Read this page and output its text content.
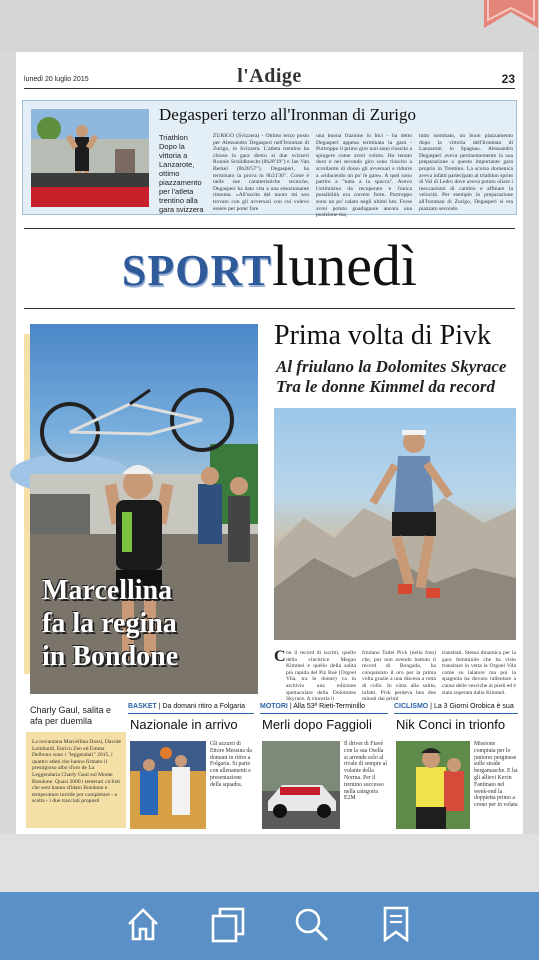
lunedì 20 luglio 2015	l'Adige	23
Degasperi terzo all'Ironman di Zurigo
Triathlon Dopo la vittoria a Lanzarote, ottimo piazzamento per l'atleta trentino alla gara svizzera
ZURIGO (Svizzera) - Ottimo terzo posto per Alessandro Degasperi nell'Ironman di Zurigo, in Svizzera. L'atleta trentino ha chiuso la gara dietro ai due svizzeri Ronnie Schildknecht (8h20'19") e Jan Van Berkel (8h28'57"). Degasperi, ha terminato la prova in 8h31'36". Come è nelle sue caratteristiche tecniche, Degasperi ha dato vita a una emozionante rimonta. «All'uscita del nuoto mi son trovato con gli avversari con cui volevo essere per poter fare
una buona frazione in bici - ha detto Degasperi appena terminata la gara - Purtroppo il primo giro non sono riuscito a spingere come avrei voluto. Ho tenuto duro e nel secondo giro sono riuscito a scrollarmi di dosso gli avversari e ridurre a «riducendo un po' le gare». A quel sono partito a "tutta a la spacca". Avevo l'ottimismo da recuperare e l'unica possibilità era correre forte. Purtroppo sono un po' calato negli ultimi km. Forse avrei potuto guadagnare ancora una posizione ma,
tutto sommato, un buon piazzamento dopo la vittoria dell'Ironman di Lanzarote, in Spagna». Alessandro Degasperi aveva pertinentemente la sua preparazione a questo importante gara proprio in Trentino. La scorsa domenica aveva infatti partecipato al triathlon sprint di Val di Ledro dove aveva potuto oliare i meccanismi di cambio e affinare la velocità. Per esempio in preparazione all'Ironman di Zurigo, Degasperi si era piazzato secondo.
SPORTlunedì
Marcellina
fa la regina
in Bondone
Prima volta di Pivk
Al friulano la Dolomites Skyrace
Tra le donne Kimmel da record
C on il record di iscritti, quello della vincitrice Megan Kimmel e quello della salita più rapida del Piz Boè (Orgoel Vila, tra le donne) va in archivio una edizione spettacolare della Dolomites Skyrace. A vincerla il
friulano Tadei Pivk (nella foto) che, pur non avendo battuto il record di Bongada, ha conquistato il oro per la prima volta grazie a una discesa a rotta di collo. In cima alla salita, infatti, Pivk perdeva ben due minuti dai primi
transitati. Stessa dinamica per la gara femminile che ha visto transitare in vetta la Orgoel Vila come su lalatore ma poi la spagnola ha dovuto rallentare a causa delle vesciche ai piedi ed è stata superata dalla Kimmel.
Charly Gaul, salita e afa per duemila
La novantana Marcellina Dossi, Davide Lombardi, Enrico Zen ed Emma Delbono sono i "leggendari" 2015, i quattro atleti che hanno firmato il prestigioso albo d'oro de La Leggendaria Charly Gaul sul Monte Bondone. Quasi 2000 i temerari ciclisti che sent hanno sfidato Bondone e temperature torride per completare - a scelta - i due tracciati proposti
BASKET | Da domani ritiro a Folgaria
Nazionale in arrivo
Gli azzurri di Ettore Messina da domani in ritiro a Folgaria. Si parte con allenamenti e presentazione della squadra.
MOTORI | Alla 53ª Rieti-Terminillo
Merli dopo Faggioli
Il driver di Fiavè con la sua Osella si arrende solo al rivale di sempre al volante della Norma. Per il trentino successo nella categoria E2M
CICLISMO | La 3 Giorni Orobica è sua
Nik Conci in trionfo
Missione compiuta per lo juniores perginese sulle strade bergamasche. E ha gli allievi Kevin Fantinato nel week-end la doppietta primo a crono per in volata
